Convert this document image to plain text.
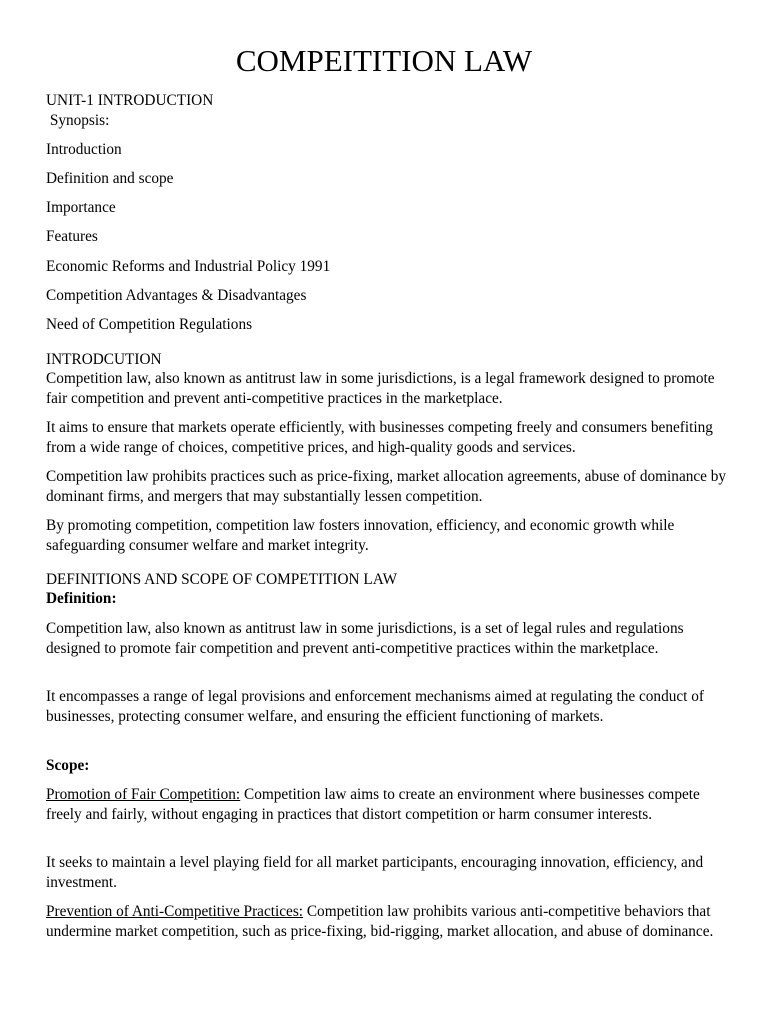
COMPEITITION LAW
UNIT-1 INTRODUCTION
Synopsis:
Introduction
Definition and scope
Importance
Features
Economic Reforms and Industrial Policy 1991
Competition Advantages & Disadvantages
Need of Competition Regulations
INTRODCUTION
Competition law, also known as antitrust law in some jurisdictions, is a legal framework designed to promote fair competition and prevent anti-competitive practices in the marketplace.
It aims to ensure that markets operate efficiently, with businesses competing freely and consumers benefiting from a wide range of choices, competitive prices, and high-quality goods and services.
Competition law prohibits practices such as price-fixing, market allocation agreements, abuse of dominance by dominant firms, and mergers that may substantially lessen competition.
By promoting competition, competition law fosters innovation, efficiency, and economic growth while safeguarding consumer welfare and market integrity.
DEFINITIONS AND SCOPE OF COMPETITION LAW
Definition:
Competition law, also known as antitrust law in some jurisdictions, is a set of legal rules and regulations designed to promote fair competition and prevent anti-competitive practices within the marketplace.
It encompasses a range of legal provisions and enforcement mechanisms aimed at regulating the conduct of businesses, protecting consumer welfare, and ensuring the efficient functioning of markets.
Scope:
Promotion of Fair Competition: Competition law aims to create an environment where businesses compete freely and fairly, without engaging in practices that distort competition or harm consumer interests.
It seeks to maintain a level playing field for all market participants, encouraging innovation, efficiency, and investment.
Prevention of Anti-Competitive Practices: Competition law prohibits various anti-competitive behaviors that undermine market competition, such as price-fixing, bid-rigging, market allocation, and abuse of dominance.
